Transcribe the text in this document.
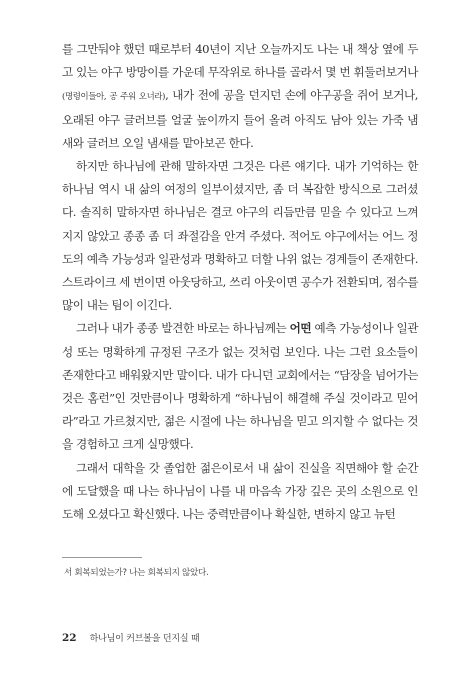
를 그만둬야 했던 때로부터 40년이 지난 오늘까지도 나는 내 책상 옆에 두고 있는 야구 방망이를 가운데 무작위로 하나를 골라서 몇 번 휘둘러보거나(명령이들아, 공 주워 오너라), 내가 전에 공을 던지던 손에 야구공을 쥐어 보거나, 오래된 야구 글러브를 얼굴 높이까지 들어 올려 아직도 남아 있는 가죽 냄새와 글러브 오일 냄새를 맡아보곤 한다.

하지만 하나님에 관해 말하자면 그것은 다른 얘기다. 내가 기억하는 한 하나님 역시 내 삶의 여정의 일부이셨지만, 좀 더 복잡한 방식으로 그러셨다. 솔직히 말하자면 하나님은 결코 야구의 리듬만큼 믿을 수 있다고 느껴지지 않았고 종종 좀 더 좌절감을 안겨 주셨다. 적어도 야구에서는 어느 정도의 예측 가능성과 일관성과 명확하고 더할 나위 없는 경계들이 존재한다. 스트라이크 세 번이면 아웃당하고, 쓰리 아웃이면 공수가 전환되며, 점수를 많이 내는 팀이 이긴다.

그러나 내가 종종 발견한 바로는 하나님께는 어떤 예측 가능성이나 일관성 또는 명확하게 규정된 구조가 없는 것처럼 보인다. 나는 그런 요소들이 존재한다고 배워왔지만 말이다. 내가 다니던 교회에서는 “담장을 넘어가는 것은 홈런”인 것만큼이나 명확하게 “하나님이 해결해 주실 것이라고 믿어라”라고 가르쳤지만, 젊은 시절에 나는 하나님을 믿고 의지할 수 없다는 것을 경험하고 크게 실망했다.

그래서 대학을 갓 졸업한 젊은이로서 내 삶이 진실을 직면해야 할 순간에 도달했을 때 나는 하나님이 나를 내 마음속 가장 깊은 곳의 소원으로 인도해 오셨다고 확신했다. 나는 중력만큼이나 확실한, 변하지 않고 뉴턴

서 회복되었는가? 나는 회복되지 않았다.
22 하나님이 커브볼을 던지실 때
